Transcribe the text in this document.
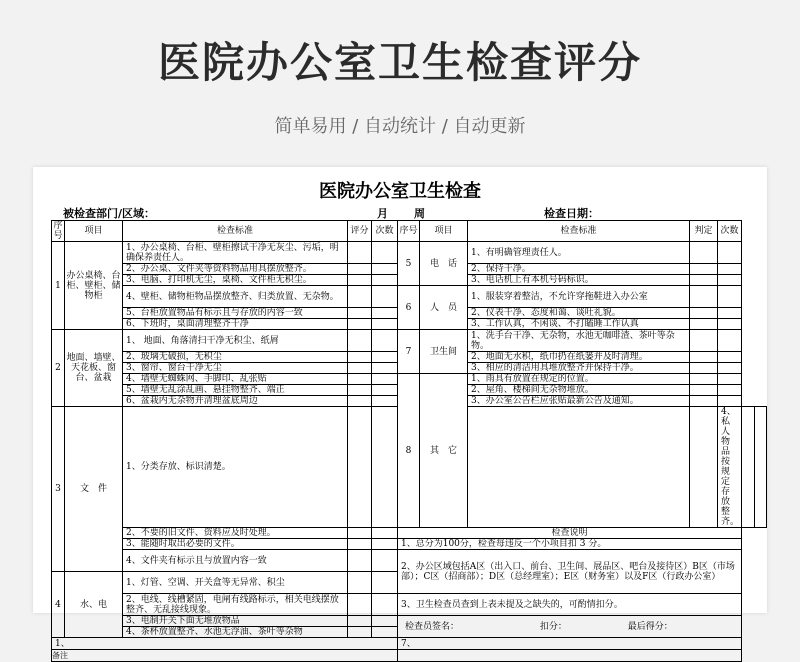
医院办公室卫生检查评分
简单易用 / 自动统计 / 自动更新
医院办公室卫生检查
被检查部门/区域：	月 周	检查日期：
序号	项目	检查标准	评分	次数	序号	项目	检查标准	判定	次数		
1	办公桌椅、台柜、壁柜、储物柜	1、办公桌椅、台柜、壁柜擦试干净无灰尘、污垢，明确保养责任人。			5	电　话	1、有明确管理责任人。				
		2、办公桌、文件夹等资料物品用具摆放整齐。					2、保持干净。				
		3、电脑、打印机无尘，桌椅、文件柜无积尘。					3、电话机上有本机号码标识。				
		4、壁柜、储物柜物品摆放整齐、归类放置、无杂物。			6	人　员	1、服装穿着整洁，不允许穿拖鞋进入办公室				
		5、台柜放置物品有标示且与存放的内容一致					2、仪表干净、态度和蔼、谈吐礼貌。				
		6、下班时，桌面清理整齐干净					3、工作认真，不闲谈、不打瞌睡工作认真				
2	地面、墙壁、天花板、窗台、盆栽	1、 地面、角落清扫干净无积尘、纸屑			7	卫生间	1、洗手台干净、无杂物，水池无咖啡渣、茶叶等杂物。				
		2、玻璃无破损，无积尘					2、地面无水积，纸巾扔在纸篓并及时清理。				
		3、窗帘、窗台干净无尘					3、相应的清洁用具堆放整齐并保持干净。				
		4、墙壁无蜘蛛网、手脚印、乱张贴			8	其　它	1、雨具有放置在规定的位置。				
		5、墙壁无乱涂乱画、悬挂物整齐、端正					2、屋角、楼梯间无杂物堆放。				
		6、盆栽内无杂物并清理盆底周边					3、办公室公告栏应张贴最新公告及通知。				
3	文　件	1、分类存放、标识清楚。							4、私人物品按规定存放整齐。		
		2、不要的旧文件、资料应及时处理。			检查说明						
		3、能随时取出必要的文件。			1、总分为100分，检查每违反一个小项目扣 3 分。						
		4、文件夹有标示且与放置内容一致			2、办公区域包括A区（出入口、前台、卫生间、展品区、吧台及接待区）B区（市场部）；C区（招商部）；D区（总经理室）；E区（财务室）以及F区（行政办公室）						
4	水、电	1、灯管、空调、开关盒等无异常、积尘									
		2、电线、线槽紧固，电闸有线路标示，相关电线摆放整齐、无乱接线现象。			3、卫生检查员查到上表未提及之缺失的，可酌情扣分。						
		3、电制开关下面无堆放物品			检查员签名： 扣分： 最后得分：						
		4、茶杯放置整齐、水池无浮油、茶叶等杂物									
1、					7、						
备注											
